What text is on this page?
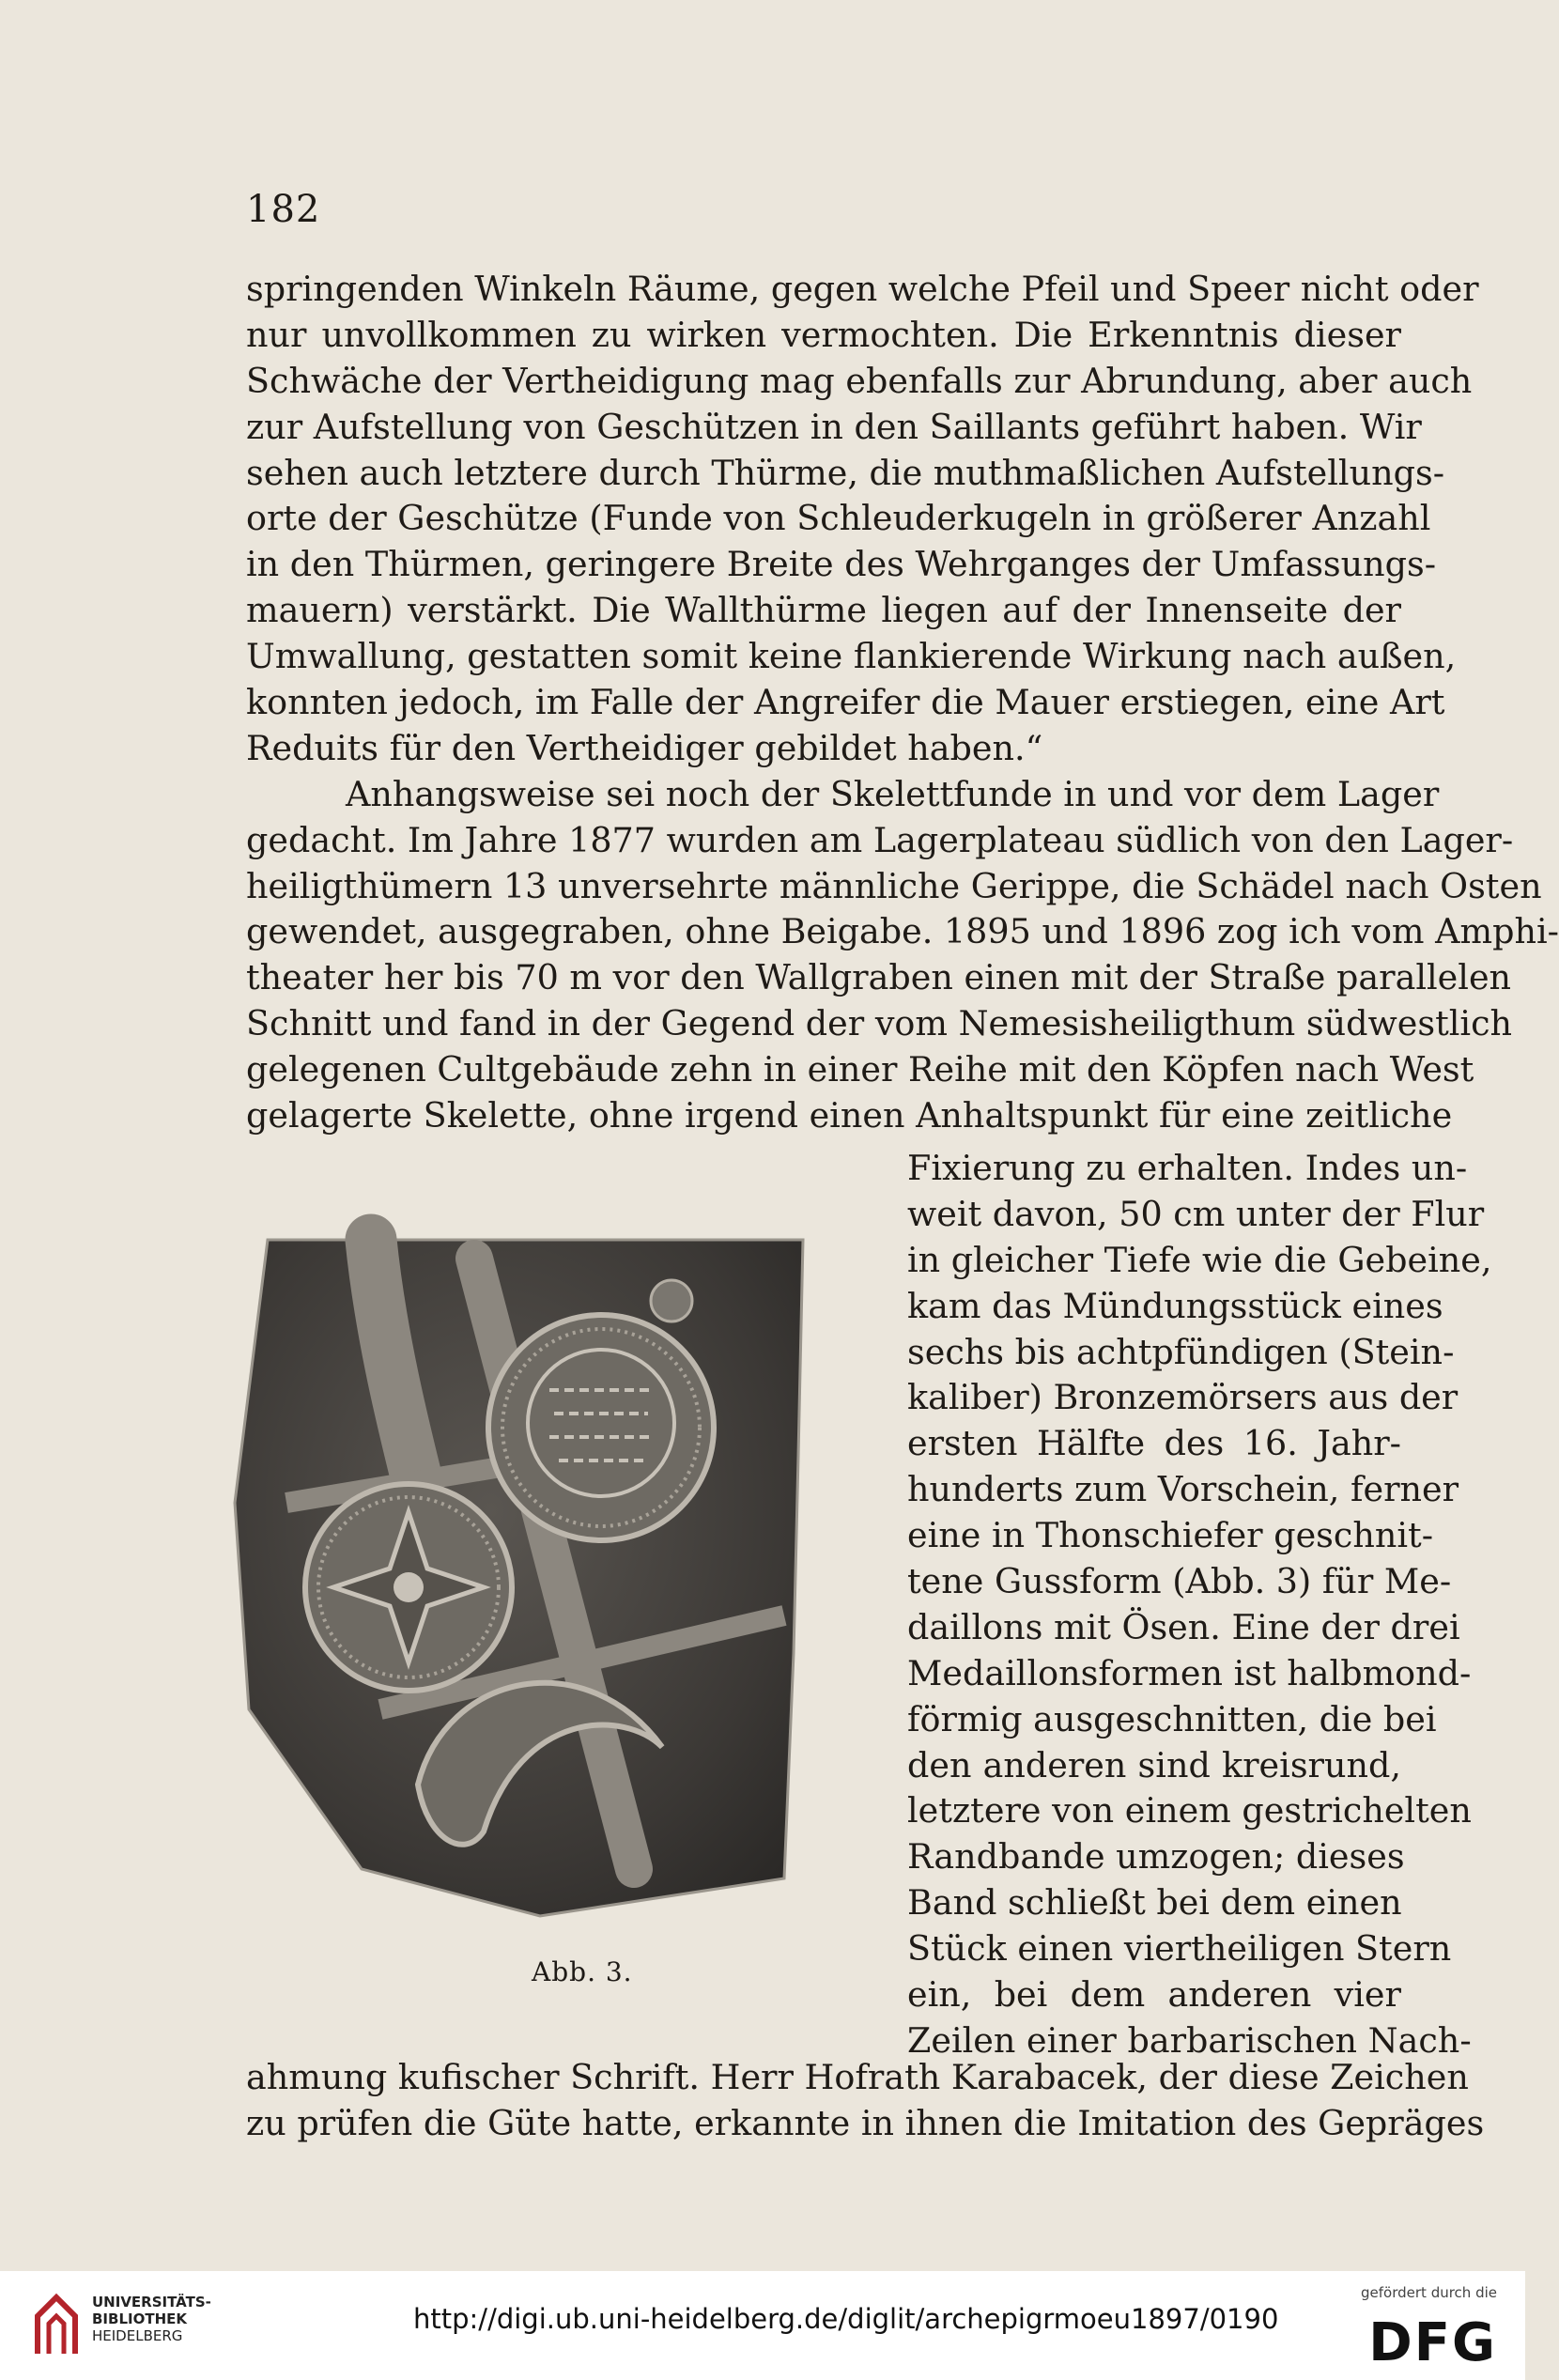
182
springenden Winkeln Räume, gegen welche Pfeil und Speer nicht oder
nur unvollkommen zu wirken vermochten. Die Erkenntnis dieser
Schwäche der Vertheidigung mag ebenfalls zur Abrundung, aber auch
zur Aufstellung von Geschützen in den Saillants geführt haben. Wir
sehen auch letztere durch Thürme, die muthmaßlichen Aufstellungs-
orte der Geschütze (Funde von Schleuderkugeln in größerer Anzahl
in den Thürmen, geringere Breite des Wehrganges der Umfassungs-
mauern) verstärkt. Die Wallthürme liegen auf der Innenseite der
Umwallung, gestatten somit keine flankierende Wirkung nach außen,
konnten jedoch, im Falle der Angreifer die Mauer erstiegen, eine Art
Reduits für den Vertheidiger gebildet haben.“
Anhangsweise sei noch der Skelettfunde in und vor dem Lager
gedacht. Im Jahre 1877 wurden am Lagerplateau südlich von den Lager-
heiligthümern 13 unversehrte männliche Gerippe, die Schädel nach Osten
gewendet, ausgegraben, ohne Beigabe. 1895 und 1896 zog ich vom Amphi-
theater her bis 70 m vor den Wallgraben einen mit der Straße parallelen
Schnitt und fand in der Gegend der vom Nemesisheiligthum südwestlich
gelegenen Cultgebäude zehn in einer Reihe mit den Köpfen nach West
gelagerte Skelette, ohne irgend einen Anhaltspunkt für eine zeitliche
Abb. 3.
Fixierung zu erhalten. Indes un-
weit davon, 50 cm unter der Flur
in gleicher Tiefe wie die Gebeine,
kam das Mündungsstück eines
sechs bis achtpfündigen (Stein-
kaliber) Bronzemörsers aus der
ersten Hälfte des 16. Jahr-
hunderts zum Vorschein, ferner
eine in Thonschiefer geschnit-
tene Gussform (Abb. 3) für Me-
daillons mit Ösen. Eine der drei
Medaillonsformen ist halbmond-
förmig ausgeschnitten, die bei
den anderen sind kreisrund,
letztere von einem gestrichelten
Randbande umzogen; dieses
Band schließt bei dem einen
Stück einen viertheiligen Stern
ein, bei dem anderen vier
Zeilen einer barbarischen Nach-
ahmung kufischer Schrift. Herr Hofrath Karabacek, der diese Zeichen
zu prüfen die Güte hatte, erkannte in ihnen die Imitation des Gepräges
UNIVERSITÄTS-
BIBLIOTHEK
HEIDELBERG
http://digi.ub.uni-heidelberg.de/diglit/archepigrmoeu1897/0190
gefördert durch die
DFG
